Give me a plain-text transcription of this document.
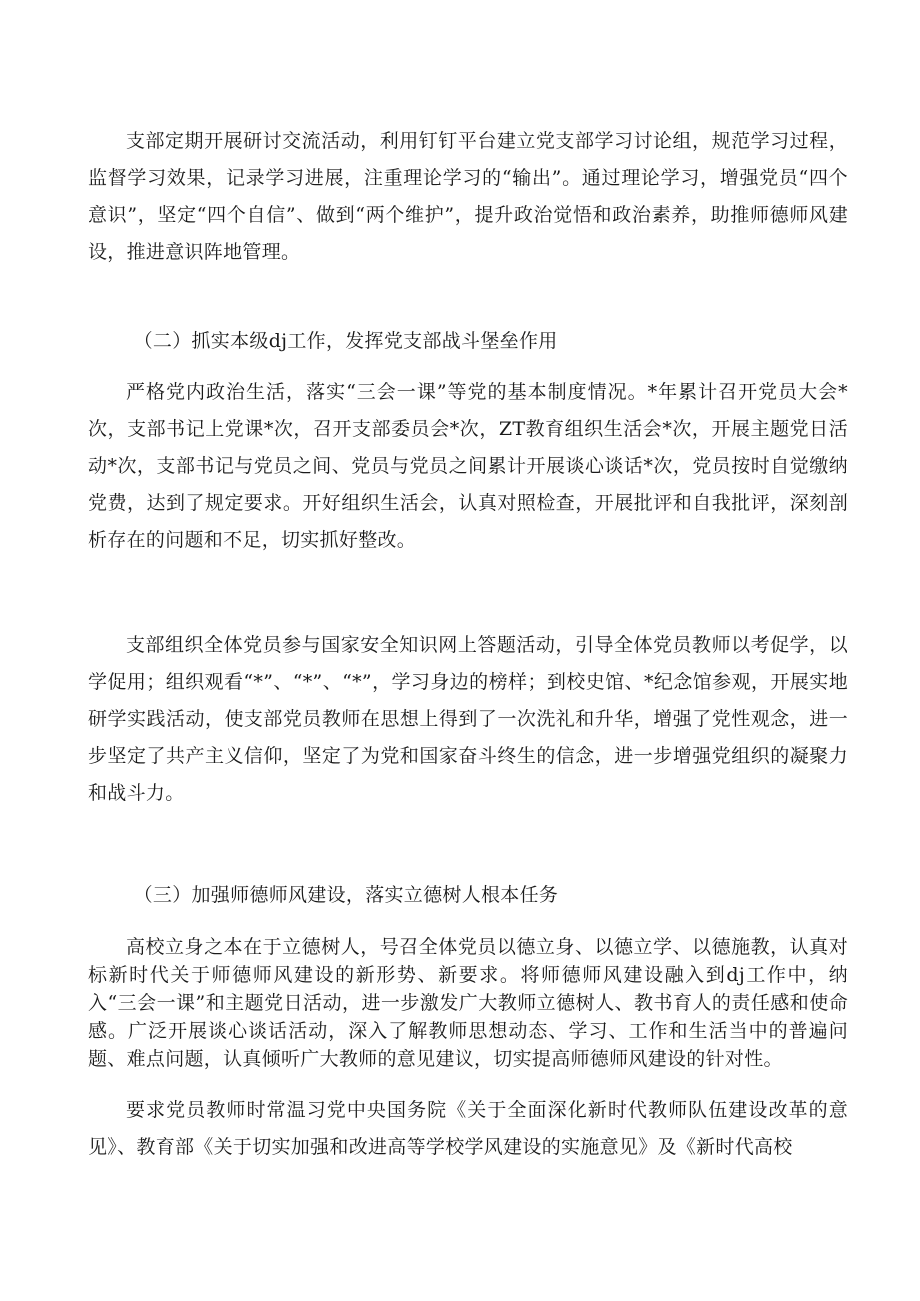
支部定期开展研讨交流活动，利用钉钉平台建立党支部学习讨论组，规范学习过程，监督学习效果，记录学习进展，注重理论学习的“输出”。通过理论学习，增强党员“四个意识”，坚定“四个自信”、做到“两个维护”，提升政治觉悟和政治素养，助推师德师风建设，推进意识阵地管理。

（二）抓实本级dj工作，发挥党支部战斗堡垒作用

严格党内政治生活，落实“三会一课”等党的基本制度情况。*年累计召开党员大会*次，支部书记上党课*次，召开支部委员会*次，ZT教育组织生活会*次，开展主题党日活动*次，支部书记与党员之间、党员与党员之间累计开展谈心谈话*次，党员按时自觉缴纳党费，达到了规定要求。开好组织生活会，认真对照检查，开展批评和自我批评，深刻剖析存在的问题和不足，切实抓好整改。

支部组织全体党员参与国家安全知识网上答题活动，引导全体党员教师以考促学，以学促用；组织观看“*”、“*”、“*”，学习身边的榜样；到校史馆、*纪念馆参观，开展实地研学实践活动，使支部党员教师在思想上得到了一次洗礼和升华，增强了党性观念，进一步坚定了共产主义信仰，坚定了为党和国家奋斗终生的信念，进一步增强党组织的凝聚力和战斗力。

（三）加强师德师风建设，落实立德树人根本任务

高校立身之本在于立德树人，号召全体党员以德立身、以德立学、以德施教，认真对标新时代关于师德师风建设的新形势、新要求。将师德师风建设融入到dj工作中，纳入“三会一课”和主题党日活动，进一步激发广大教师立德树人、教书育人的责任感和使命感。广泛开展谈心谈话活动，深入了解教师思想动态、学习、工作和生活当中的普遍问题、难点问题，认真倾听广大教师的意见建议，切实提高师德师风建设的针对性。

要求党员教师时常温习党中央国务院《关于全面深化新时代教师队伍建设改革的意见》、教育部《关于切实加强和改进高等学校学风建设的实施意见》及《新时代高校
